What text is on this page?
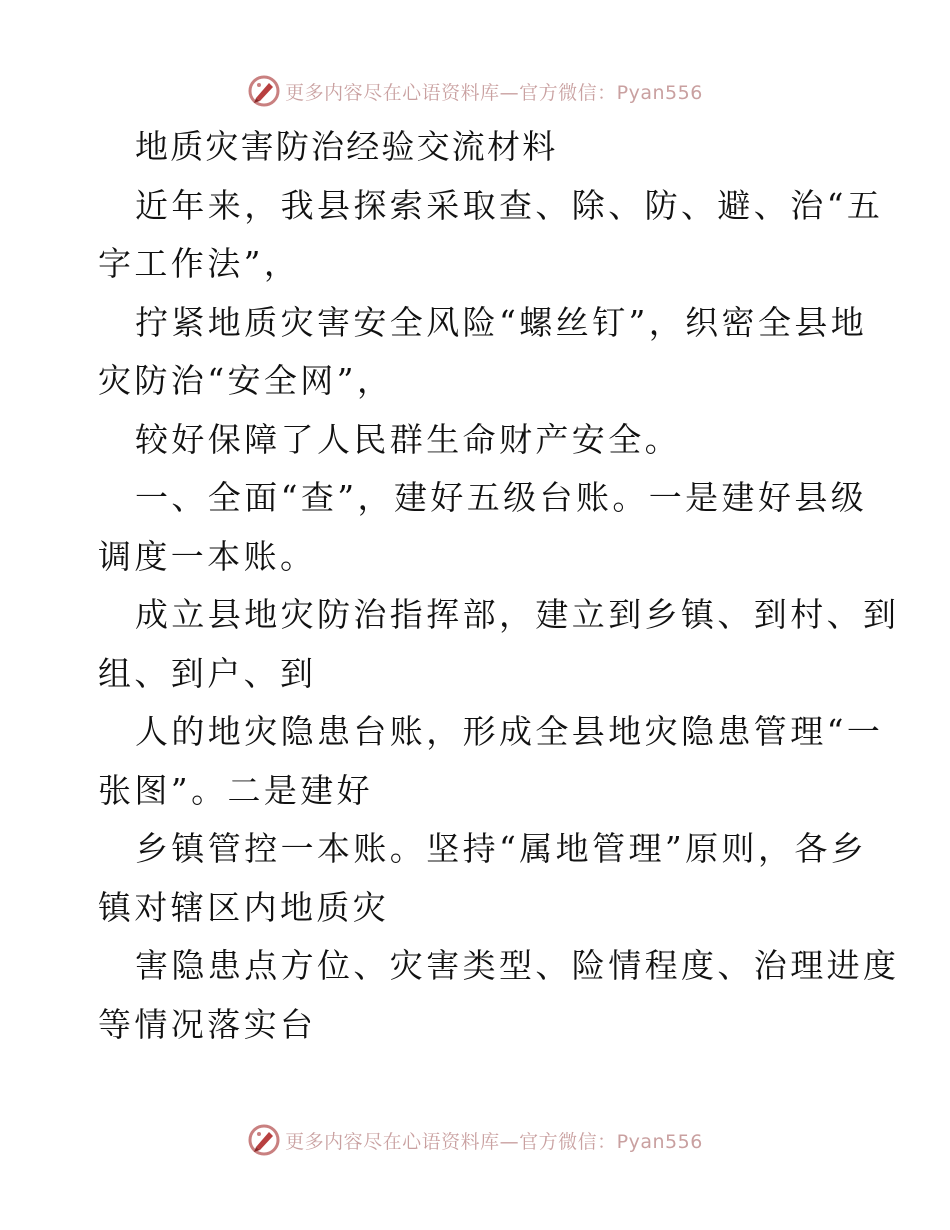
更多内容尽在心语资料库—官方微信：Pyan556
地质灾害防治经验交流材料
近年来，我县探索采取查、除、防、避、治“五
字工作法”，
拧紧地质灾害安全风险“螺丝钉”，织密全县地
灾防治“安全网”，
较好保障了人民群生命财产安全。
一、全面“查”，建好五级台账。一是建好县级
调度一本账。
成立县地灾防治指挥部，建立到乡镇、到村、到
组、到户、到
人的地灾隐患台账，形成全县地灾隐患管理“一
张图”。二是建好
乡镇管控一本账。坚持“属地管理”原则，各乡
镇对辖区内地质灾
害隐患点方位、灾害类型、险情程度、治理进度
等情况落实台
更多内容尽在心语资料库—官方微信：Pyan556
